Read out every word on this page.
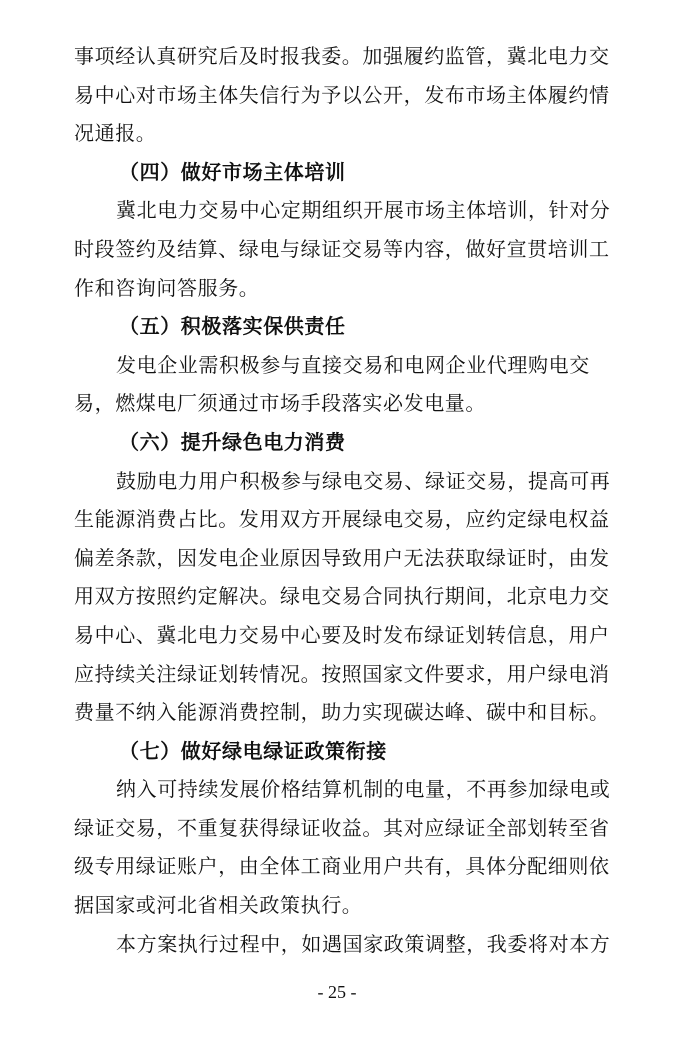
事项经认真研究后及时报我委。加强履约监管，冀北电力交
易中心对市场主体失信行为予以公开，发布市场主体履约情
况通报。
（四）做好市场主体培训
冀北电力交易中心定期组织开展市场主体培训，针对分
时段签约及结算、绿电与绿证交易等内容，做好宣贯培训工
作和咨询问答服务。
（五）积极落实保供责任
发电企业需积极参与直接交易和电网企业代理购电交
易，燃煤电厂须通过市场手段落实必发电量。
（六）提升绿色电力消费
鼓励电力用户积极参与绿电交易、绿证交易，提高可再
生能源消费占比。发用双方开展绿电交易，应约定绿电权益
偏差条款，因发电企业原因导致用户无法获取绿证时，由发
用双方按照约定解决。绿电交易合同执行期间，北京电力交
易中心、冀北电力交易中心要及时发布绿证划转信息，用户
应持续关注绿证划转情况。按照国家文件要求，用户绿电消
费量不纳入能源消费控制，助力实现碳达峰、碳中和目标。
（七）做好绿电绿证政策衔接
纳入可持续发展价格结算机制的电量，不再参加绿电或
绿证交易，不重复获得绿证收益。其对应绿证全部划转至省
级专用绿证账户，由全体工商业用户共有，具体分配细则依
据国家或河北省相关政策执行。
本方案执行过程中，如遇国家政策调整，我委将对本方
- 25 -
